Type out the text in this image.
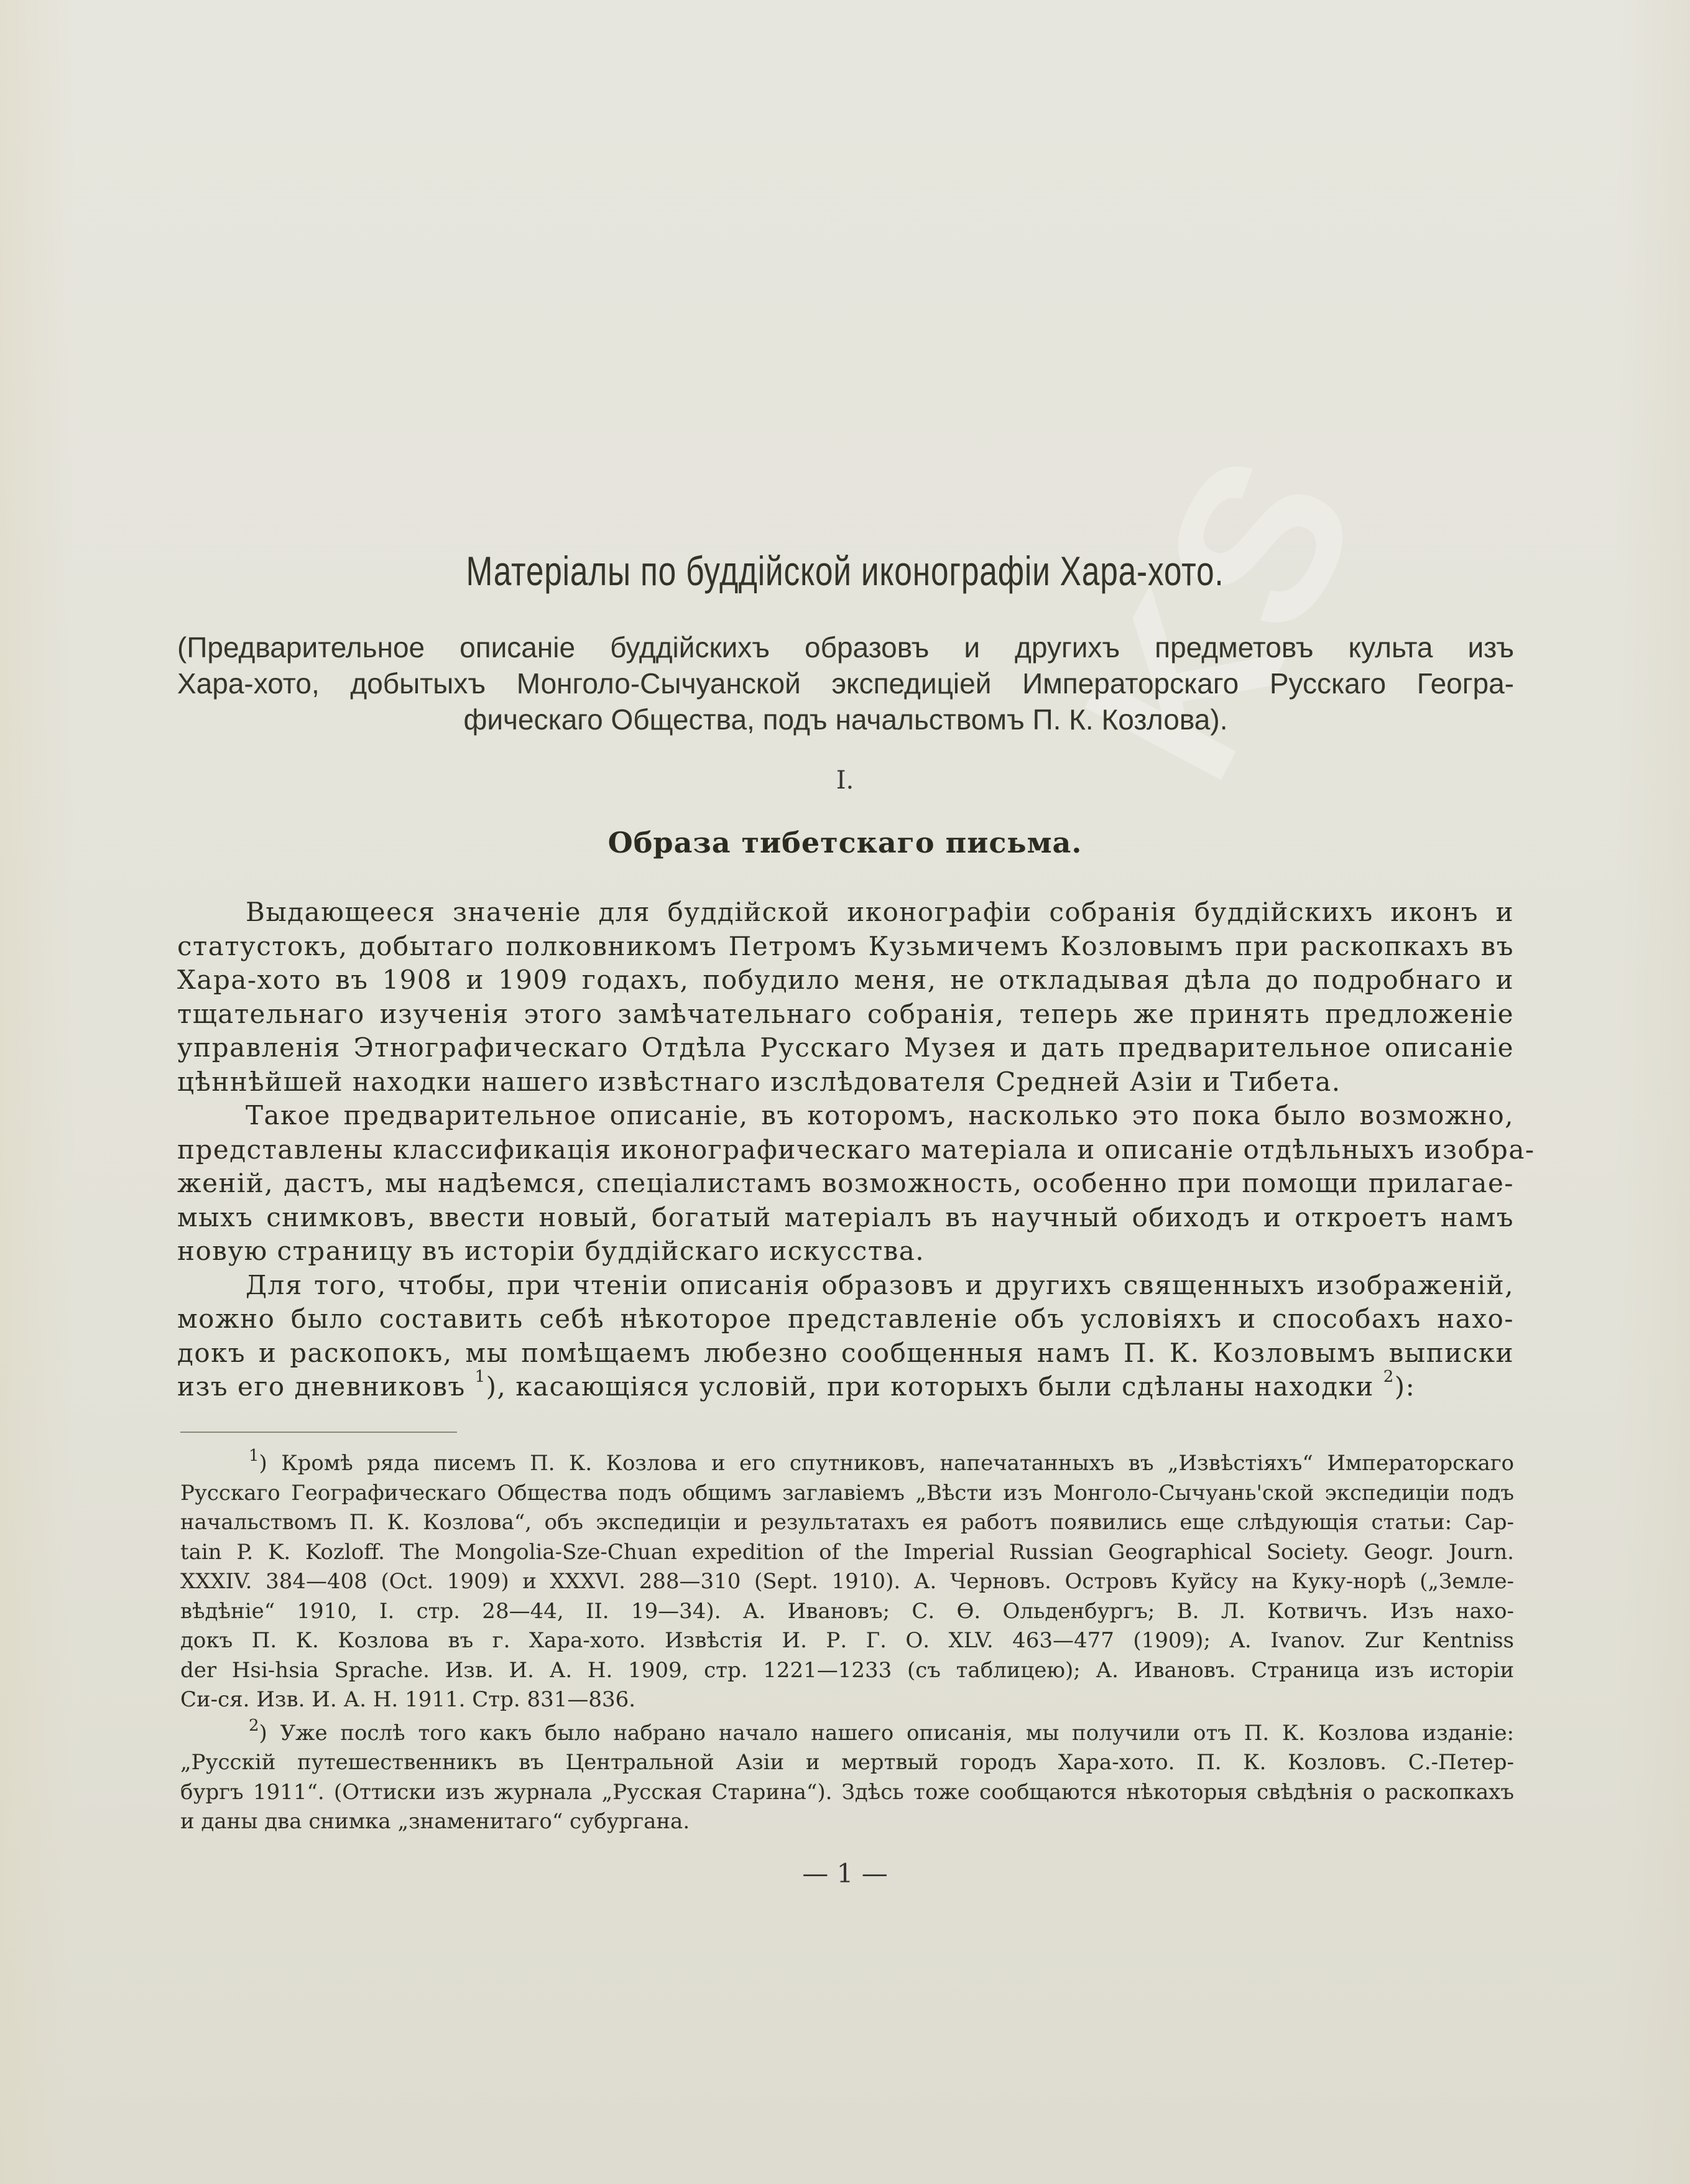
KS
Матеріалы по буддійской иконографіи Хара-хото.
(Предварительное описаніе буддійскихъ образовъ и другихъ предметовъ культа изъ
Хара-хото, добытыхъ Монголо-Сычуанской экспедиціей Императорскаго Русскаго Геогра-
фическаго Общества, подъ начальствомъ П. К. Козлова).
I.
Образа тибетскаго письма.
Выдающееся значеніе для буддійской иконографіи собранія буддійскихъ иконъ и
статустокъ, добытаго полковникомъ Петромъ Кузьмичемъ Козловымъ при раскопкахъ въ
Хара-хото въ 1908 и 1909 годахъ, побудило меня, не откладывая дѣла до подробнаго и
тщательнаго изученія этого замѣчательнаго собранія, теперь же принять предложеніе
управленія Этнографическаго Отдѣла Русскаго Музея и дать предварительное описаніе
цѣннѣйшей находки нашего извѣстнаго изслѣдователя Средней Азіи и Тибета.
Такое предварительное описаніе, въ которомъ, насколько это пока было возможно,
представлены классификація иконографическаго матеріала и описаніе отдѣльныхъ изобра-
женій, дастъ, мы надѣемся, спеціалистамъ возможность, особенно при помощи прилагае-
мыхъ снимковъ, ввести новый, богатый матеріалъ въ научный обиходъ и откроетъ намъ
новую страницу въ исторіи буддійскаго искусства.
Для того, чтобы, при чтеніи описанія образовъ и другихъ священныхъ изображеній,
можно было составить себѣ нѣкоторое представленіе объ условіяхъ и способахъ нахо-
докъ и раскопокъ, мы помѣщаемъ любезно сообщенныя намъ П. К. Козловымъ выписки
изъ его дневниковъ $^1$), касающіяся условій, при которыхъ были сдѣланы находки $^2$):
$^1$) Кромѣ ряда писемъ П. К. Козлова и его спутниковъ, напечатанныхъ въ „Извѣстіяхъ“ Императорскаго
Русскаго Географическаго Общества подъ общимъ заглавіемъ „Вѣсти изъ Монголо-Сычуань'ской экспедиціи подъ
начальствомъ П. К. Козлова“, объ экспедиціи и результатахъ ея работъ появились еще слѣдующія статьи: Cap-
tain P. K. Kozloff. The Mongolia-Sze-Chuan expedition of the Imperial Russian Geographical Society. Geogr. Journ.
XXXIV. 384—408 (Oct. 1909) и XXXVI. 288—310 (Sept. 1910). А. Черновъ. Островъ Куйсу на Куку-норѣ („Земле-
вѣдѣніе“ 1910, I. стр. 28—44, II. 19—34). А. Ивановъ; С. Ѳ. Ольденбургъ; В. Л. Котвичъ. Изъ нахо-
докъ П. К. Козлова въ г. Хара-хото. Извѣстія И. Р. Г. О. XLV. 463—477 (1909); A. Ivanov. Zur Kentniss
der Hsi-hsia Sprache. Изв. И. А. Н. 1909, стр. 1221—1233 (съ таблицею); А. Ивановъ. Страница изъ исторіи
Си-ся. Изв. И. А. Н. 1911. Стр. 831—836.
$^2$) Уже послѣ того какъ было набрано начало нашего описанія, мы получили отъ П. К. Козлова изданіе:
„Русскій путешественникъ въ Центральной Азіи и мертвый городъ Хара-хото. П. К. Козловъ. С.-Петер-
бургъ 1911“. (Оттиски изъ журнала „Русская Старина“). Здѣсь тоже сообщаются нѣкоторыя свѣдѣнія о раскопкахъ
и даны два снимка „знаменитаго“ субургана.
— 1 —
